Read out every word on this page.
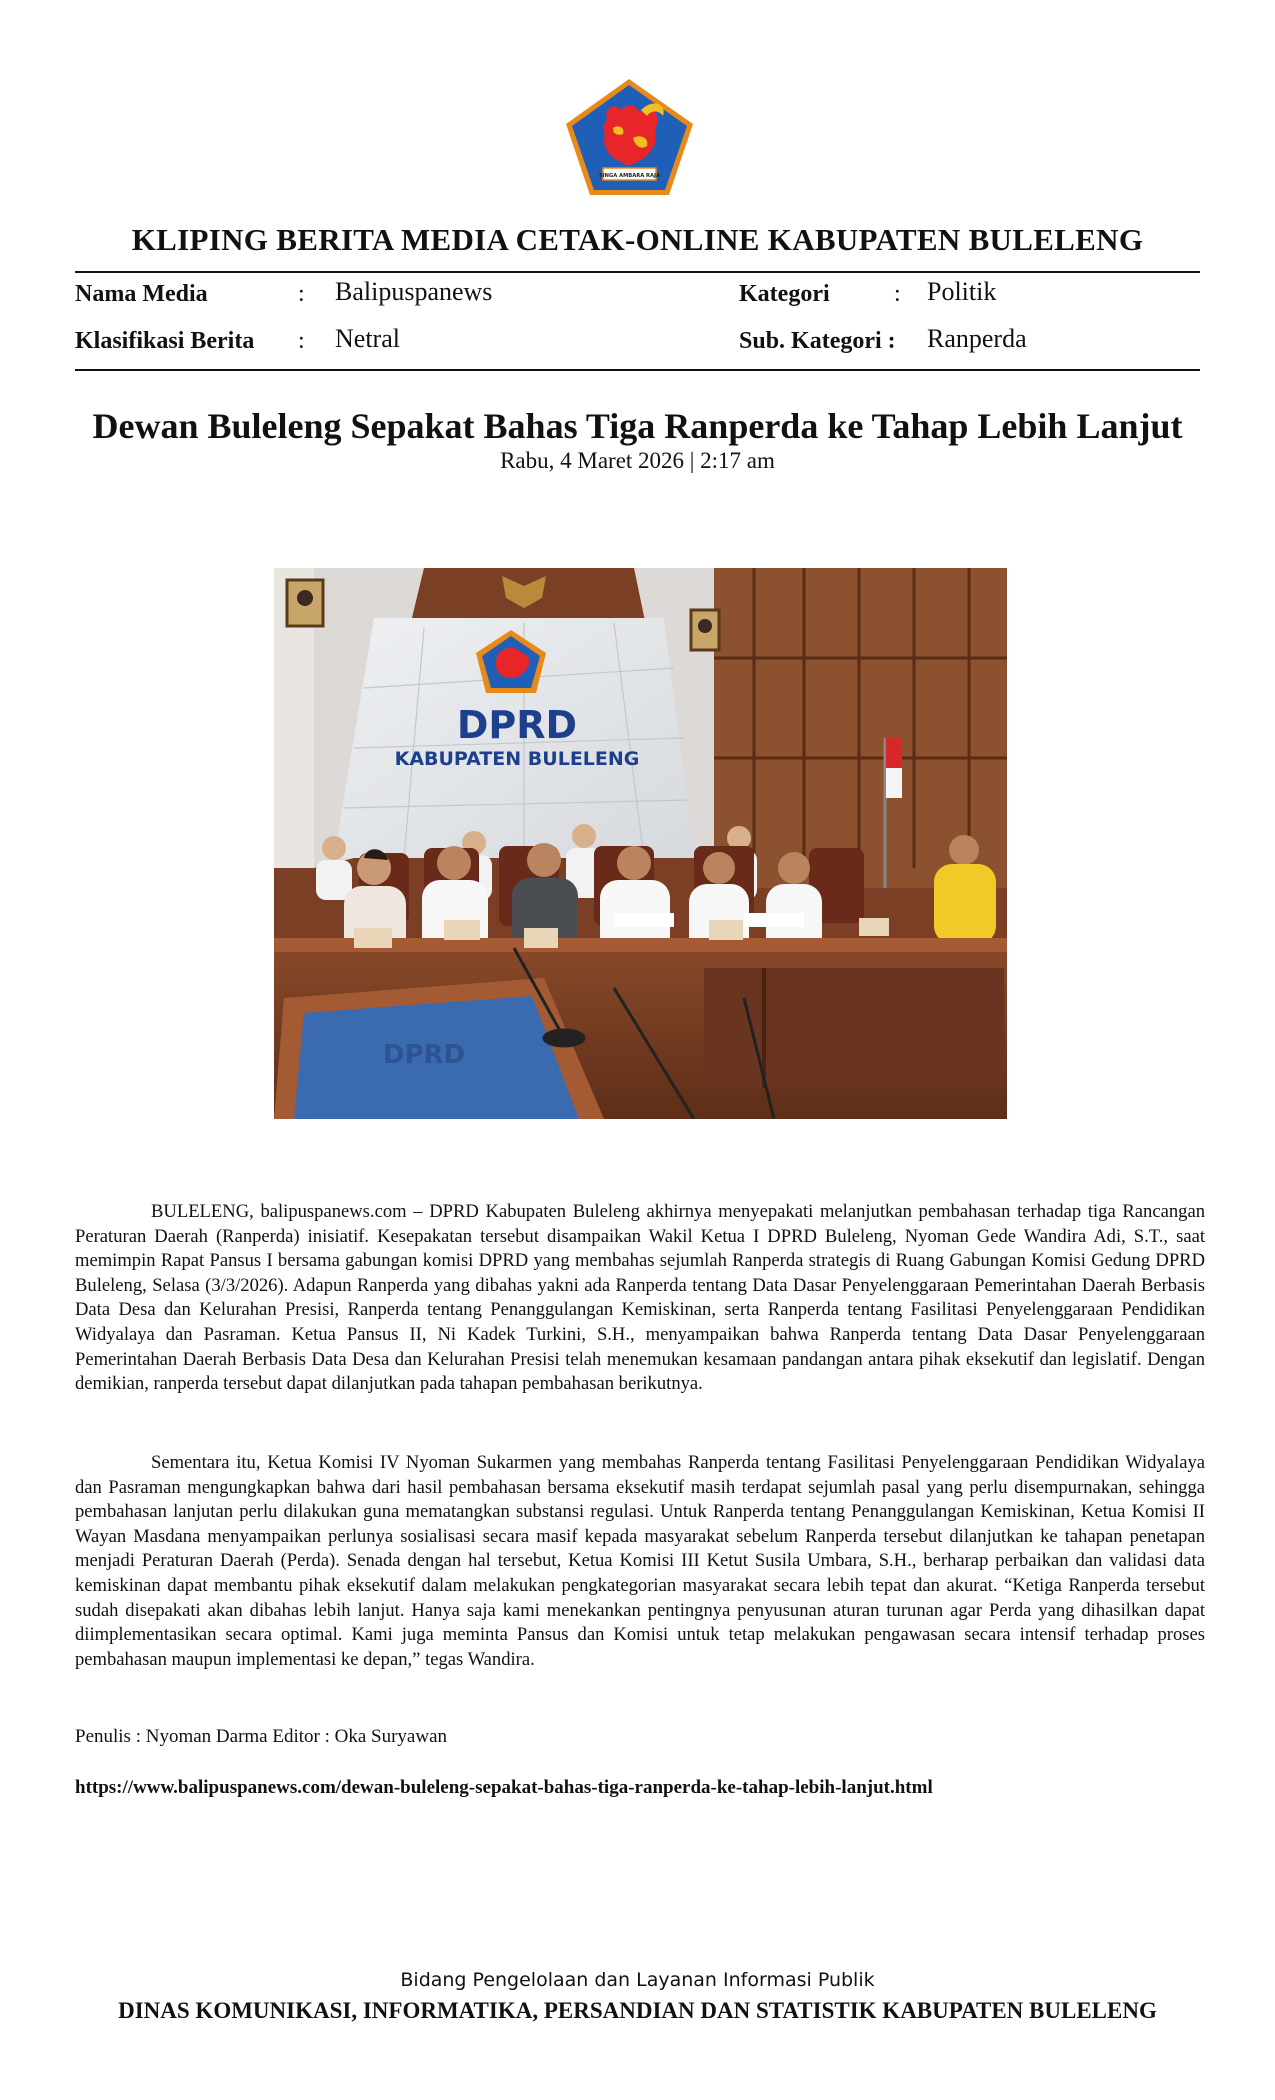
SINGA AMBARA RAJA
KLIPING BERITA MEDIA CETAK-ONLINE KABUPATEN BULELENG
Nama Media	: Balipuspanews	Kategori	: Politik
Klasifikasi Berita : Netral	Sub. Kategori : Ranperda
Dewan Buleleng Sepakat Bahas Tiga Ranperda ke Tahap Lebih Lanjut
Rabu, 4 Maret 2026 | 2:17 am
DPRD
KABUPATEN BULELENG
DPRD

BULELENG, balipuspanews.com – DPRD Kabupaten Buleleng akhirnya menyepakati melanjutkan pembahasan terhadap tiga Rancangan Peraturan Daerah (Ranperda) inisiatif. Kesepakatan tersebut disampaikan Wakil Ketua I DPRD Buleleng, Nyoman Gede Wandira Adi, S.T., saat memimpin Rapat Pansus I bersama gabungan komisi DPRD yang membahas sejumlah Ranperda strategis di Ruang Gabungan Komisi Gedung DPRD Buleleng, Selasa (3/3/2026). Adapun Ranperda yang dibahas yakni ada Ranperda tentang Data Dasar Penyelenggaraan Pemerintahan Daerah Berbasis Data Desa dan Kelurahan Presisi, Ranperda tentang Penanggulangan Kemiskinan, serta Ranperda tentang Fasilitasi Penyelenggaraan Pendidikan Widyalaya dan Pasraman. Ketua Pansus II, Ni Kadek Turkini, S.H., menyampaikan bahwa Ranperda tentang Data Dasar Penyelenggaraan Pemerintahan Daerah Berbasis Data Desa dan Kelurahan Presisi telah menemukan kesamaan pandangan antara pihak eksekutif dan legislatif. Dengan demikian, ranperda tersebut dapat dilanjutkan pada tahapan pembahasan berikutnya.

Sementara itu, Ketua Komisi IV Nyoman Sukarmen yang membahas Ranperda tentang Fasilitasi Penyelenggaraan Pendidikan Widyalaya dan Pasraman mengungkapkan bahwa dari hasil pembahasan bersama eksekutif masih terdapat sejumlah pasal yang perlu disempurnakan, sehingga pembahasan lanjutan perlu dilakukan guna mematangkan substansi regulasi. Untuk Ranperda tentang Penanggulangan Kemiskinan, Ketua Komisi II Wayan Masdana menyampaikan perlunya sosialisasi secara masif kepada masyarakat sebelum Ranperda tersebut dilanjutkan ke tahapan penetapan menjadi Peraturan Daerah (Perda). Senada dengan hal tersebut, Ketua Komisi III Ketut Susila Umbara, S.H., berharap perbaikan dan validasi data kemiskinan dapat membantu pihak eksekutif dalam melakukan pengkategorian masyarakat secara lebih tepat dan akurat. “Ketiga Ranperda tersebut sudah disepakati akan dibahas lebih lanjut. Hanya saja kami menekankan pentingnya penyusunan aturan turunan agar Perda yang dihasilkan dapat diimplementasikan secara optimal. Kami juga meminta Pansus dan Komisi untuk tetap melakukan pengawasan secara intensif terhadap proses pembahasan maupun implementasi ke depan,” tegas Wandira.

Penulis : Nyoman Darma Editor : Oka Suryawan
https://www.balipuspanews.com/dewan-buleleng-sepakat-bahas-tiga-ranperda-ke-tahap-lebih-lanjut.html
Bidang Pengelolaan dan Layanan Informasi Publik
DINAS KOMUNIKASI, INFORMATIKA, PERSANDIAN DAN STATISTIK KABUPATEN BULELENG
